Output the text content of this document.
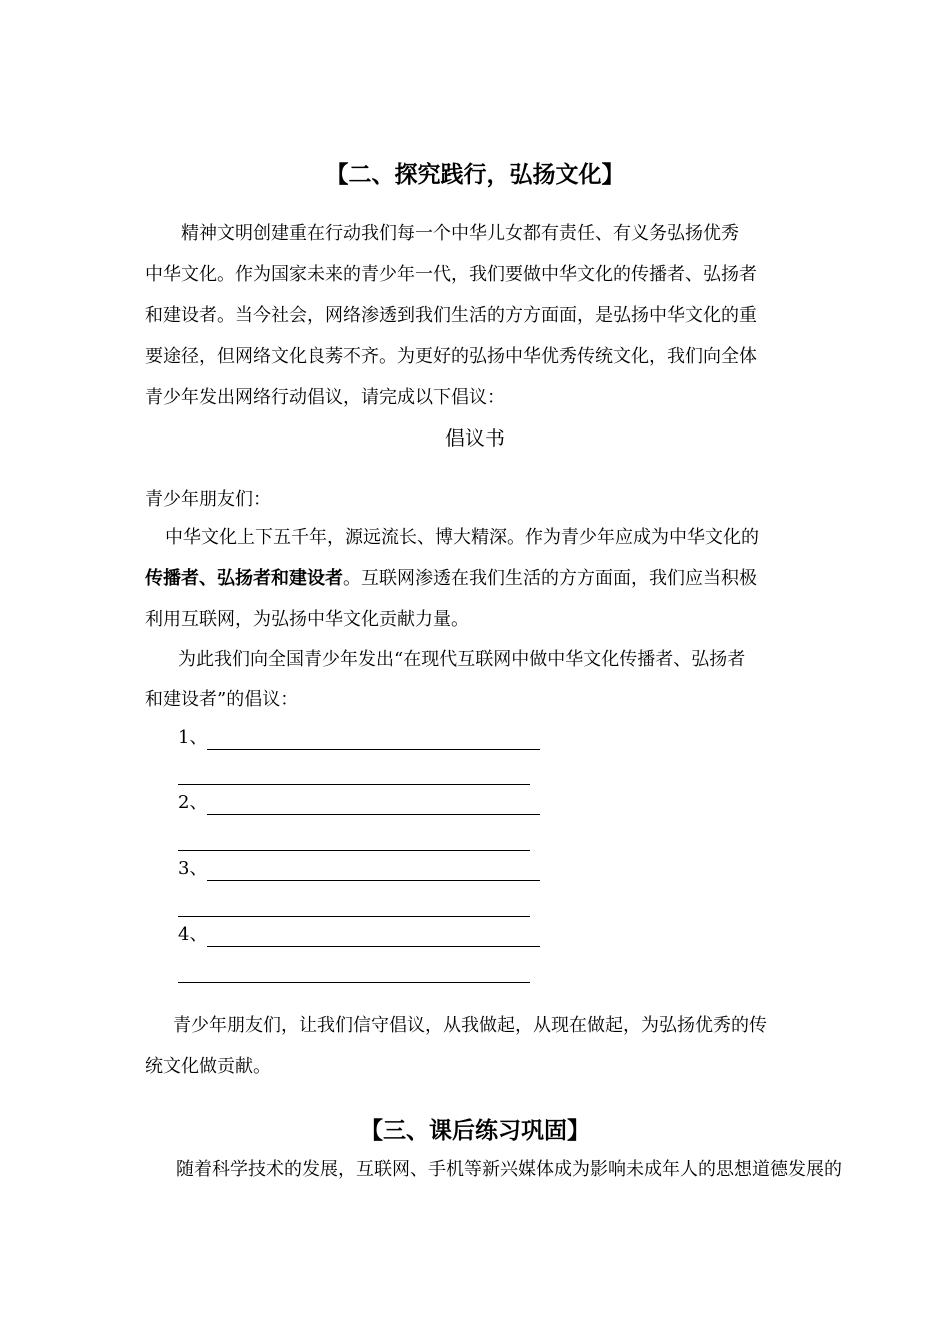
【二、探究践行，弘扬文化】
　　精神文明创建重在行动我们每一个中华儿女都有责任、有义务弘扬优秀
中华文化。作为国家未来的青少年一代，我们要做中华文化的传播者、弘扬者
和建设者。当今社会，网络渗透到我们生活的方方面面，是弘扬中华文化的重
要途径，但网络文化良莠不齐。为更好的弘扬中华优秀传统文化，我们向全体
青少年发出网络行动倡议，请完成以下倡议：
倡议书
青少年朋友们：
中华文化上下五千年，源远流长、博大精深。作为青少年应成为中华文化的
传播者、弘扬者和建设者。互联网渗透在我们生活的方方面面，我们应当积极
利用互联网，为弘扬中华文化贡献力量。
为此我们向全国青少年发出“在现代互联网中做中华文化传播者、弘扬者
和建设者”的倡议：
1、
2、
3、
4、
青少年朋友们，让我们信守倡议，从我做起，从现在做起，为弘扬优秀的传
统文化做贡献。
【三、课后练习巩固】
随着科学技术的发展，互联网、手机等新兴媒体成为影响未成年人的思想道德发展的
